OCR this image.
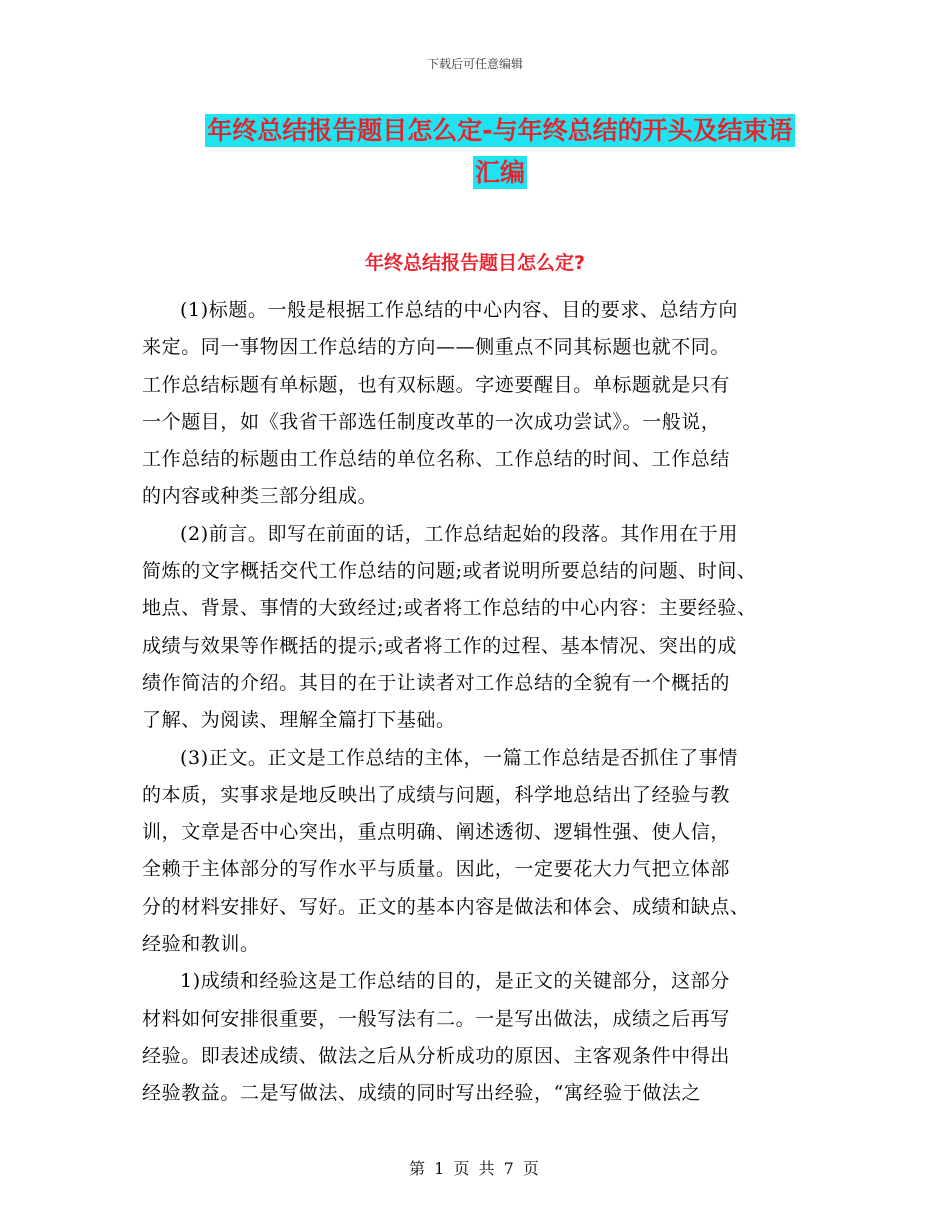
下载后可任意编辑
年终总结报告题目怎么定-与年终总结的开头及结束语
汇编
年终总结报告题目怎么定?
(1)标题。一般是根据工作总结的中心内容、目的要求、总结方向
来定。同一事物因工作总结的方向——侧重点不同其标题也就不同。
工作总结标题有单标题，也有双标题。字迹要醒目。单标题就是只有
一个题目，如《我省干部选任制度改革的一次成功尝试》。一般说，
工作总结的标题由工作总结的单位名称、工作总结的时间、工作总结
的内容或种类三部分组成。
(2)前言。即写在前面的话，工作总结起始的段落。其作用在于用
简炼的文字概括交代工作总结的问题;或者说明所要总结的问题、时间、
地点、背景、事情的大致经过;或者将工作总结的中心内容：主要经验、
成绩与效果等作概括的提示;或者将工作的过程、基本情况、突出的成
绩作简洁的介绍。其目的在于让读者对工作总结的全貌有一个概括的
了解、为阅读、理解全篇打下基础。
(3)正文。正文是工作总结的主体，一篇工作总结是否抓住了事情
的本质，实事求是地反映出了成绩与问题，科学地总结出了经验与教
训，文章是否中心突出，重点明确、阐述透彻、逻辑性强、使人信，
全赖于主体部分的写作水平与质量。因此，一定要花大力气把立体部
分的材料安排好、写好。正文的基本内容是做法和体会、成绩和缺点、
经验和教训。
1)成绩和经验这是工作总结的目的，是正文的关键部分，这部分
材料如何安排很重要，一般写法有二。一是写出做法，成绩之后再写
经验。即表述成绩、做法之后从分析成功的原因、主客观条件中得出
经验教益。二是写做法、成绩的同时写出经验，“寓经验于做法之
第 1 页 共 7 页
